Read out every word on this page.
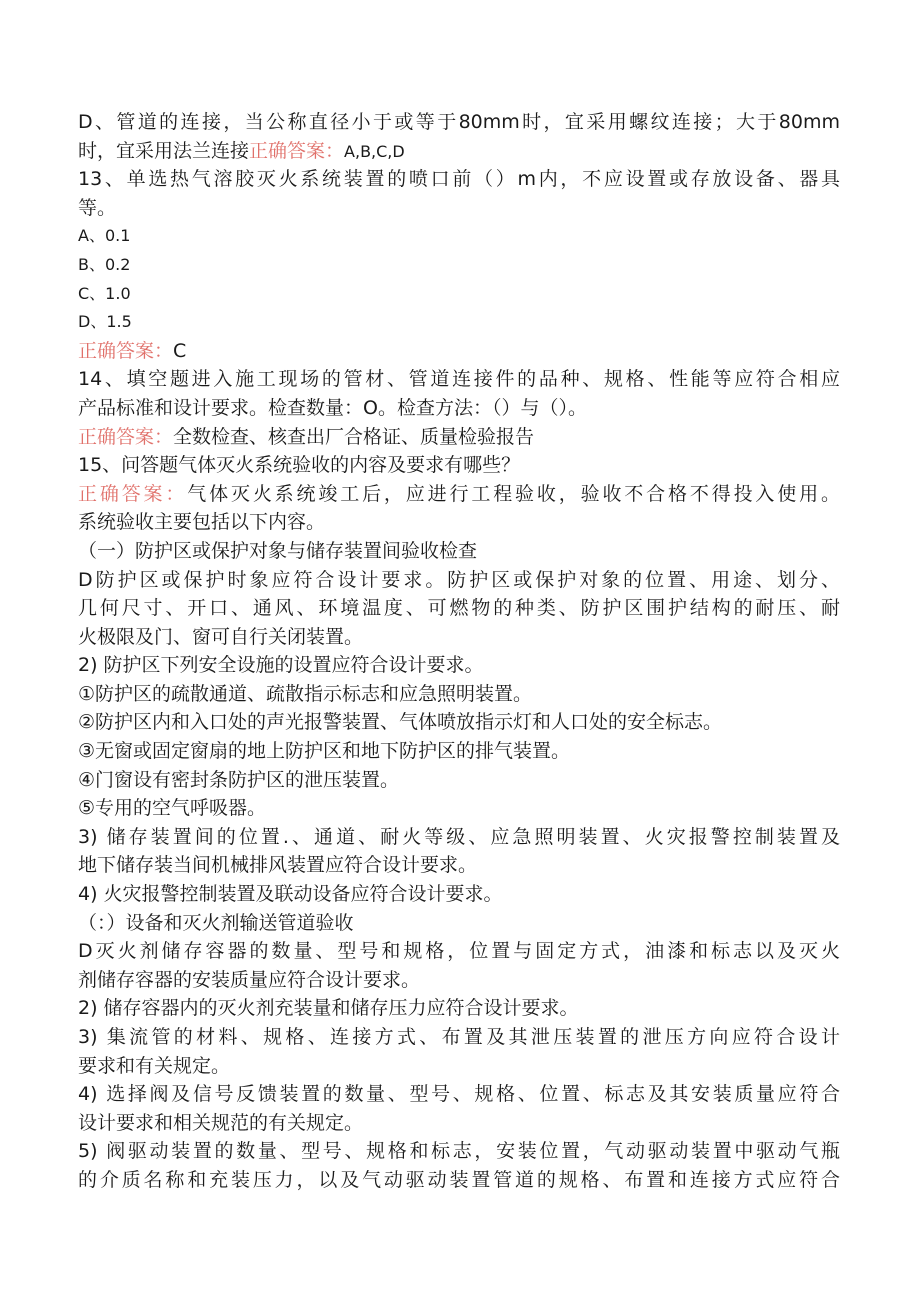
D、管道的连接，当公称直径小于或等于80mm时，宜采用螺纹连接；大于80mm
时，宜采用法兰连接正确答案：A,B,C,D
13、单选热气溶胶灭火系统装置的喷口前（）m内，不应设置或存放设备、器具
等。
A、0.1
B、0.2
C、1.0
D、1.5
正确答案：C
14、填空题进入施工现场的管材、管道连接件的品种、规格、性能等应符合相应
产品标准和设计要求。检查数量：O。检查方法：（）与（）。
正确答案：全数检查、核查出厂合格证、质量检验报告
15、问答题气体灭火系统验收的内容及要求有哪些？
正确答案：气体灭火系统竣工后，应进行工程验收，验收不合格不得投入使用。
系统验收主要包括以下内容。
（一）防护区或保护对象与储存装置间验收检查
D防护区或保护时象应符合设计要求。防护区或保护对象的位置、用途、划分、
几何尺寸、开口、通风、环境温度、可燃物的种类、防护区围护结构的耐压、耐
火极限及门、窗可自行关闭装置。
2) 防护区下列安全设施的设置应符合设计要求。
①防护区的疏散通道、疏散指示标志和应急照明装置。
②防护区内和入口处的声光报警装置、气体喷放指示灯和人口处的安全标志。
③无窗或固定窗扇的地上防护区和地下防护区的排气装置。
④门窗设有密封条防护区的泄压装置。
⑤专用的空气呼吸器。
3) 储存装置间的位置.、通道、耐火等级、应急照明装置、火灾报警控制装置及
地下储存装当间机械排风装置应符合设计要求。
4) 火灾报警控制装置及联动设备应符合设计要求。
（：）设备和灭火剂输送管道验收
D灭火剂储存容器的数量、型号和规格，位置与固定方式，油漆和标志以及灭火
剂储存容器的安装质量应符合设计要求。
2) 储存容器内的灭火剂充装量和储存压力应符合设计要求。
3) 集流管的材料、规格、连接方式、布置及其泄压装置的泄压方向应符合设计
要求和有关规定。
4) 选择阀及信号反馈装置的数量、型号、规格、位置、标志及其安装质量应符合
设计要求和相关规范的有关规定。
5) 阀驱动装置的数量、型号、规格和标志，安装位置，气动驱动装置中驱动气瓶
的介质名称和充装压力，以及气动驱动装置管道的规格、布置和连接方式应符合
